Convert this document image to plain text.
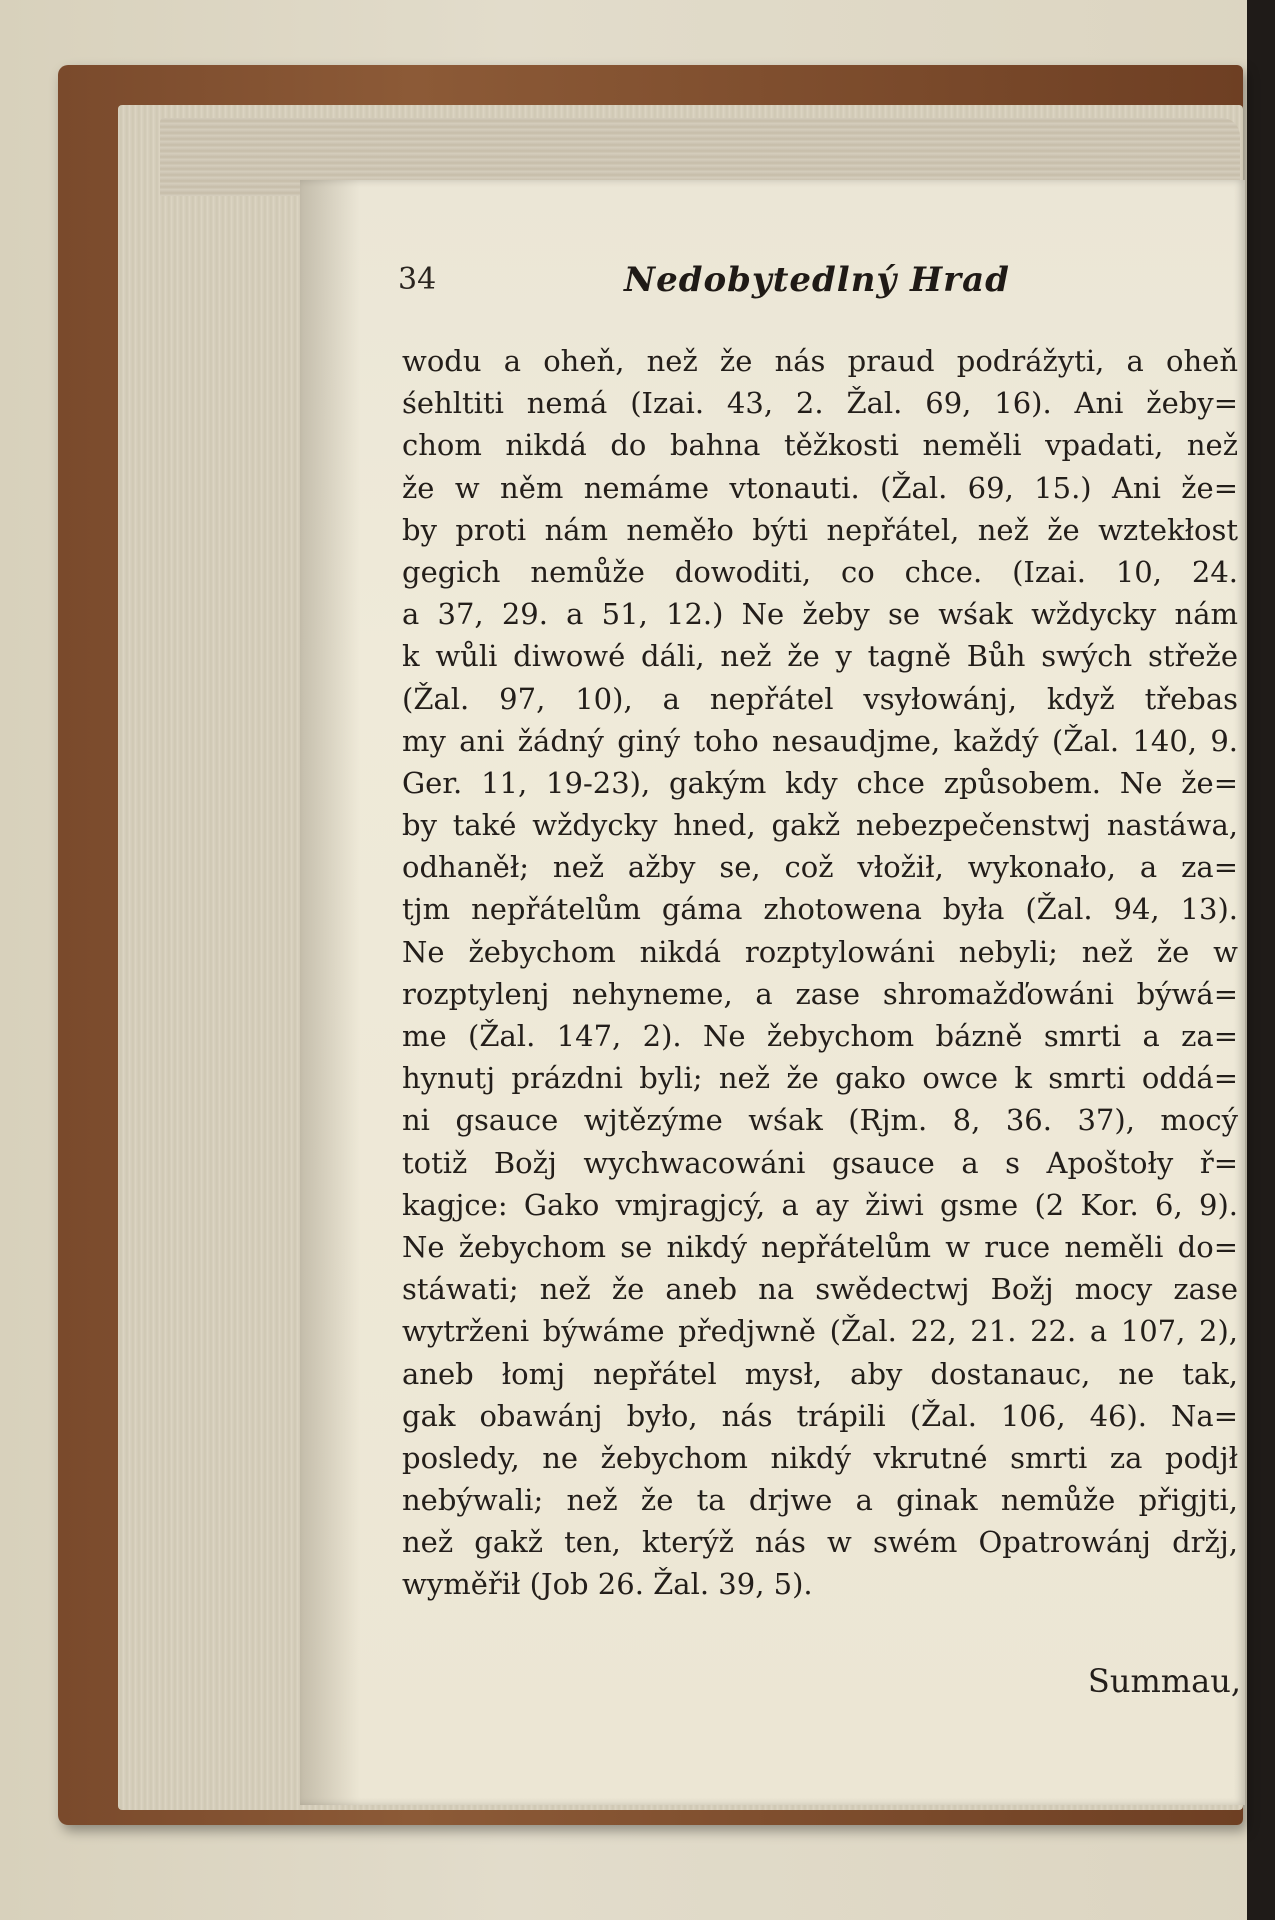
34	Nedobytedlný Hrad
wodu a oheň, než že nás praud podrážyti, a oheň
śehltiti nemá (Izai. 43, 2. Žal. 69, 16). Ani žeby=
chom nikdá do bahna těžkosti neměli vpadati, než
že w něm nemáme vtonauti. (Žal. 69, 15.) Ani že=
by proti nám neměło býti nepřátel, než že wztekłost
gegich nemůže dowoditi, co chce. (Izai. 10, 24.
a 37, 29. a 51, 12.) Ne žeby se wśak wždycky nám
k wůli diwowé dáli, než že y tagně Bůh swých střeže
(Žal. 97, 10), a nepřátel vsyłowánj, když třebas
my ani žádný giný toho nesaudjme, každý (Žal. 140, 9.
Ger. 11, 19-23), gakým kdy chce způsobem. Ne že=
by také wždycky hned, gakž nebezpečenstwj nastáwa,
odhaněł; než ažby se, což vłožił, wykonało, a za=
tjm nepřátelům gáma zhotowena była (Žal. 94, 13).
Ne žebychom nikdá rozptylowáni nebyli; než že w
rozptylenj nehyneme, a zase shromažďowáni býwá=
me (Žal. 147, 2). Ne žebychom bázně smrti a za=
hynutj prázdni byli; než že gako owce k smrti oddá=
ni gsauce wjtězýme wśak (Rjm. 8, 36. 37), mocý
totiž Božj wychwacowáni gsauce a s Apoštoły ř=
kagjce: Gako vmjragjcý, a ay žiwi gsme (2 Kor. 6, 9).
Ne žebychom se nikdý nepřátelům w ruce neměli do=
stáwati; než že aneb na swědectwj Božj mocy zase
wytrženi býwáme předjwně (Žal. 22, 21. 22. a 107, 2),
aneb łomj nepřátel mysł, aby dostanauc, ne tak,
gak obawánj było, nás trápili (Žal. 106, 46). Na=
posledy, ne žebychom nikdý vkrutné smrti za podjł
nebýwali; než že ta drjwe a ginak nemůže přigjti,
než gakž ten, kterýž nás w swém Opatrowánj držj,
wyměřił (Job 26. Žal. 39, 5).
Summau,
